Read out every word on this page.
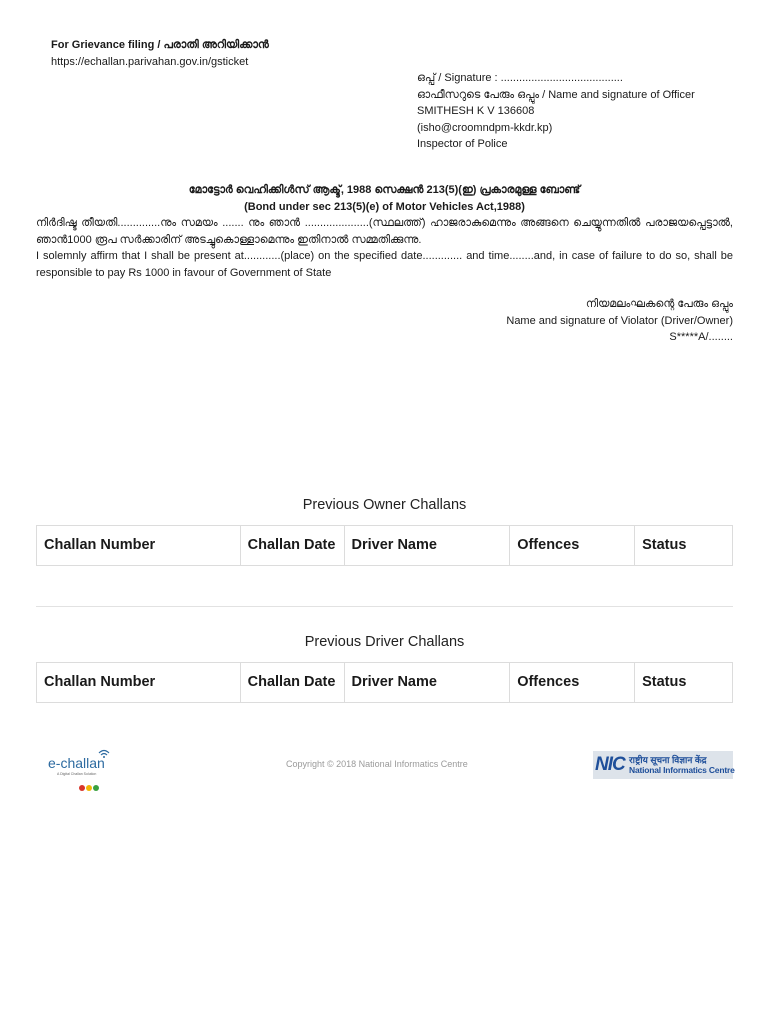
For Grievance filing / പരാതി അറിയിക്കാൻ
https://echallan.parivahan.gov.in/gsticket
ഒപ്പ് / Signature : ........................................
ഓഫീസറുടെ പേരും ഒപ്പും / Name and signature of Officer
SMITHESH K V 136608
(isho@croomndpm-kkdr.kp)
Inspector of Police
മോട്ടോർ വെഹിക്കിൾസ് ആക്ട്, 1988 സെക്ഷൻ 213(5)(ഇ) പ്രകാരമുള്ള ബോണ്ട്
(Bond under sec 213(5)(e) of Motor Vehicles Act,1988)
നിർദിഷ്ട തീയതി..............നും സമയം ....... നും ഞാൻ .....................(സ്ഥലത്ത്) ഹാജരാകുമെന്നും അങ്ങനെ ചെയ്യുന്നതിൽ പരാജയപ്പെട്ടാൽ, ഞാൻ1000 രൂപ സർക്കാരിന് അടച്ചുകൊള്ളാമെന്നും ഇതിനാൽ സമ്മതിക്കുന്നു.
I solemnly affirm that I shall be present at............(place) on the specified date............. and time........and, in case of failure to do so, shall be responsible to pay Rs 1000 in favour of Government of State
നിയമലംഘകന്റെ പേരും ഒപ്പും
Name and signature of Violator (Driver/Owner)
S*****A/........
Previous Owner Challans
Challan Number	Challan Date	Driver Name	Offences	Status
Previous Driver Challans
Challan Number	Challan Date	Driver Name	Offences	Status
e-challan
A Digital Challan Solution
Copyright © 2018 National Informatics Centre	NIC राष्ट्रीय सूचना विज्ञान केंद्र
National Informatics Centre
